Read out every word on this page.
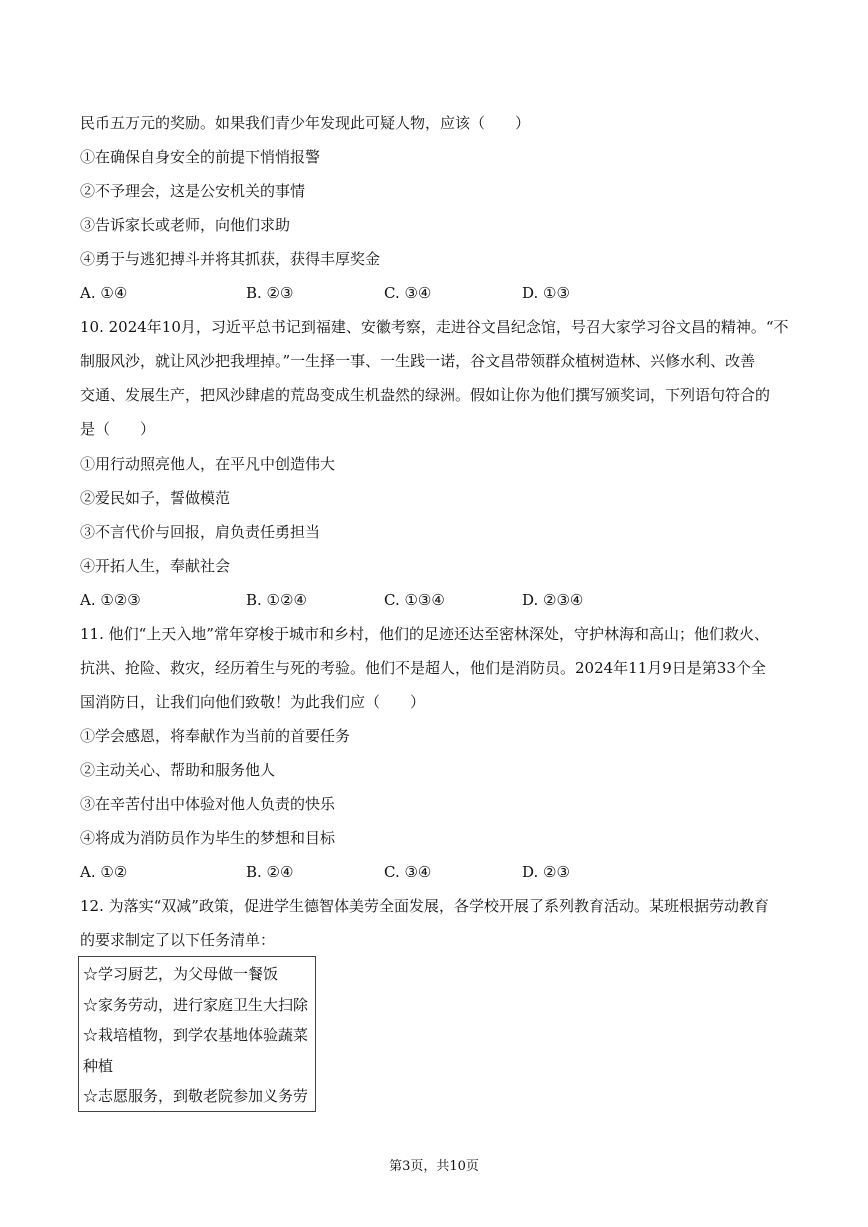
民币五万元的奖励。如果我们青少年发现此可疑人物，应该（　　）
①在确保自身安全的前提下悄悄报警
②不予理会，这是公安机关的事情
③告诉家长或老师，向他们求助
④勇于与逃犯搏斗并将其抓获，获得丰厚奖金
A. ①④	B. ②③	C. ③④	D. ①③
10. 2024年10月，习近平总书记到福建、安徽考察，走进谷文昌纪念馆，号召大家学习谷文昌的精神。“不
制服风沙，就让风沙把我埋掉。”一生择一事、一生践一诺，谷文昌带领群众植树造林、兴修水利、改善
交通、发展生产，把风沙肆虐的荒岛变成生机盎然的绿洲。假如让你为他们撰写颁奖词，下列语句符合的
是（　　）
①用行动照亮他人，在平凡中创造伟大
②爱民如子，誓做模范
③不言代价与回报，肩负责任勇担当
④开拓人生，奉献社会
A. ①②③	B. ①②④	C. ①③④	D. ②③④
11. 他们“上天入地”常年穿梭于城市和乡村，他们的足迹还达至密林深处，守护林海和高山；他们救火、
抗洪、抢险、救灾，经历着生与死的考验。他们不是超人，他们是消防员。2024年11月9日是第33个全
国消防日，让我们向他们致敬！为此我们应（　　）
①学会感恩，将奉献作为当前的首要任务
②主动关心、帮助和服务他人
③在辛苦付出中体验对他人负责的快乐
④将成为消防员作为毕生的梦想和目标
A. ①②	B. ②④	C. ③④	D. ②③
12. 为落实“双减”政策，促进学生德智体美劳全面发展，各学校开展了系列教育活动。某班根据劳动教育
的要求制定了以下任务清单：
☆学习厨艺，为父母做一餐饭
☆家务劳动，进行家庭卫生大扫除
☆栽培植物，到学农基地体验蔬菜种植
☆志愿服务，到敬老院参加义务劳
第3页，共10页
